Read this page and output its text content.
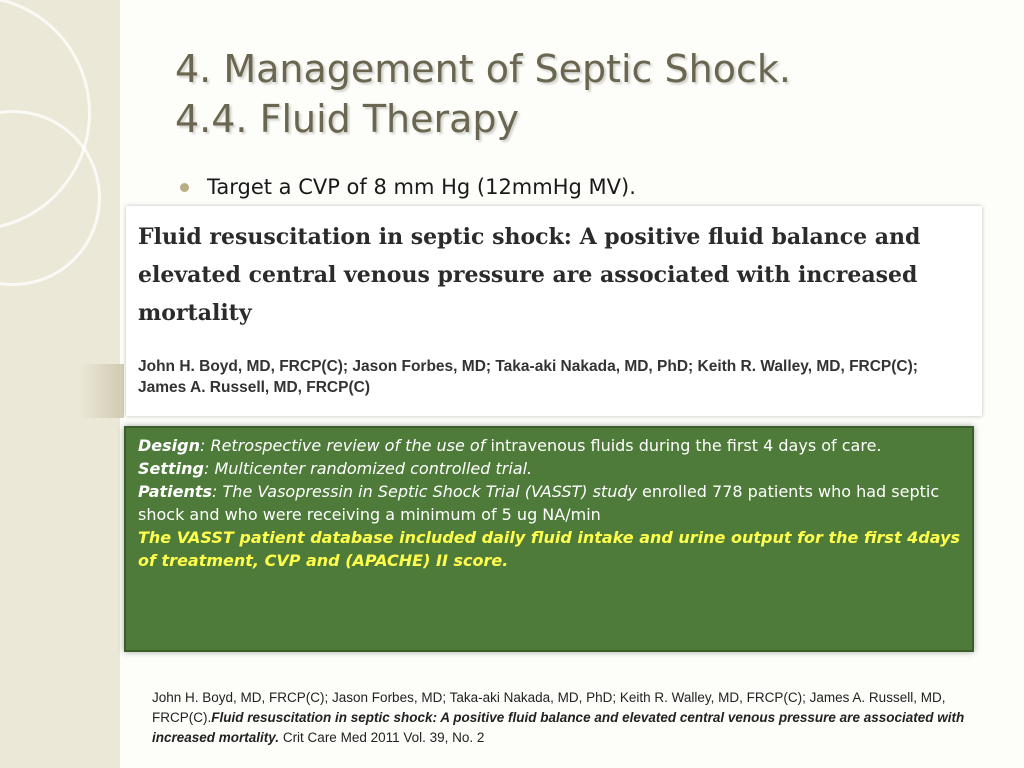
4. Management of Septic Shock.
4.4. Fluid Therapy
Target a CVP of 8 mm Hg (12mmHg MV).

Fluid resuscitation in septic shock: A positive fluid balance and elevated central venous pressure are associated with increased mortality

John H. Boyd, MD, FRCP(C); Jason Forbes, MD; Taka-aki Nakada, MD, PhD; Keith R. Walley, MD, FRCP(C);
James A. Russell, MD, FRCP(C)

Design: Retrospective review of the use of intravenous fluids during the first 4 days of care.

Setting: Multicenter randomized controlled trial.

Patients: The Vasopressin in Septic Shock Trial (VASST) study enrolled 778 patients who had septic shock and who were receiving a minimum of 5 ug NA/min

The VASST patient database included daily fluid intake and urine output for the first 4days of treatment, CVP and (APACHE) II score.

John H. Boyd, MD, FRCP(C); Jason Forbes, MD; Taka-aki Nakada, MD, PhD; Keith R. Walley, MD, FRCP(C); James A. Russell, MD, FRCP(C).Fluid resuscitation in septic shock: A positive fluid balance and elevated central venous pressure are associated with increased mortality. Crit Care Med 2011 Vol. 39, No. 2
